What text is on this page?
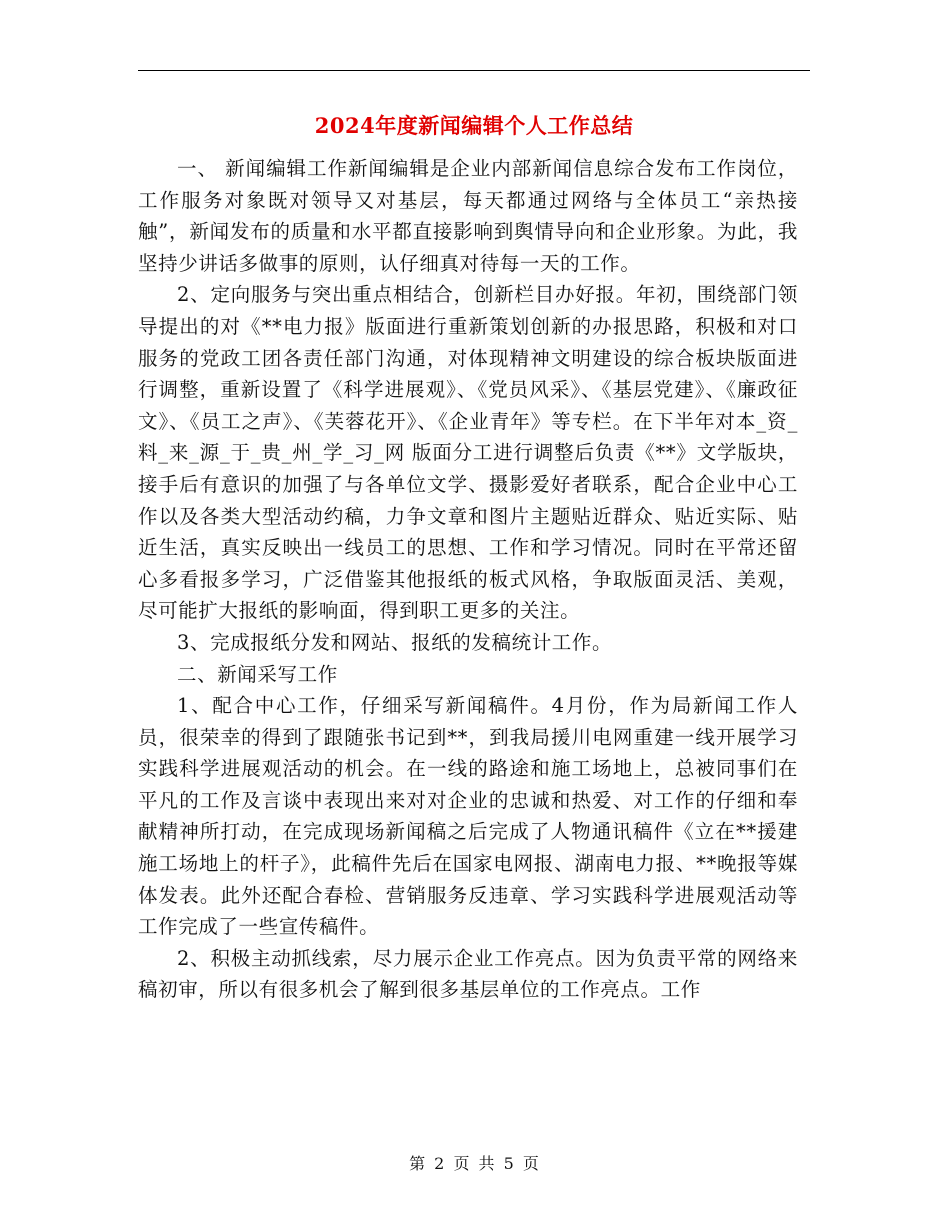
2024年度新闻编辑个人工作总结

一、 新闻编辑工作新闻编辑是企业内部新闻信息综合发布工作岗位，工作服务对象既对领导又对基层，每天都通过网络与全体员工“亲热接触”，新闻发布的质量和水平都直接影响到舆情导向和企业形象。为此，我坚持少讲话多做事的原则，认仔细真对待每一天的工作。

2、定向服务与突出重点相结合，创新栏目办好报。年初，围绕部门领导提出的对《**电力报》版面进行重新策划创新的办报思路，积极和对口服务的党政工团各责任部门沟通，对体现精神文明建设的综合板块版面进行调整，重新设置了《科学进展观》、《党员风采》、《基层党建》、《廉政征文》、《员工之声》、《芙蓉花开》、《企业青年》等专栏。在下半年对本_资_料_来_源_于_贵_州_学_习_网 版面分工进行调整后负责《**》文学版块，接手后有意识的加强了与各单位文学、摄影爱好者联系，配合企业中心工作以及各类大型活动约稿，力争文章和图片主题贴近群众、贴近实际、贴近生活，真实反映出一线员工的思想、工作和学习情况。同时在平常还留心多看报多学习，广泛借鉴其他报纸的板式风格，争取版面灵活、美观，尽可能扩大报纸的影响面，得到职工更多的关注。

3、完成报纸分发和网站、报纸的发稿统计工作。

二、新闻采写工作

1、配合中心工作，仔细采写新闻稿件。4月份，作为局新闻工作人员，很荣幸的得到了跟随张书记到**，到我局援川电网重建一线开展学习实践科学进展观活动的机会。在一线的路途和施工场地上，总被同事们在平凡的工作及言谈中表现出来对对企业的忠诚和热爱、对工作的仔细和奉献精神所打动，在完成现场新闻稿之后完成了人物通讯稿件《立在**援建施工场地上的杆子》，此稿件先后在国家电网报、湖南电力报、**晚报等媒体发表。此外还配合春检、营销服务反违章、学习实践科学进展观活动等工作完成了一些宣传稿件。

2、积极主动抓线索，尽力展示企业工作亮点。因为负责平常的网络来稿初审，所以有很多机会了解到很多基层单位的工作亮点。工作

第 2 页 共 5 页
